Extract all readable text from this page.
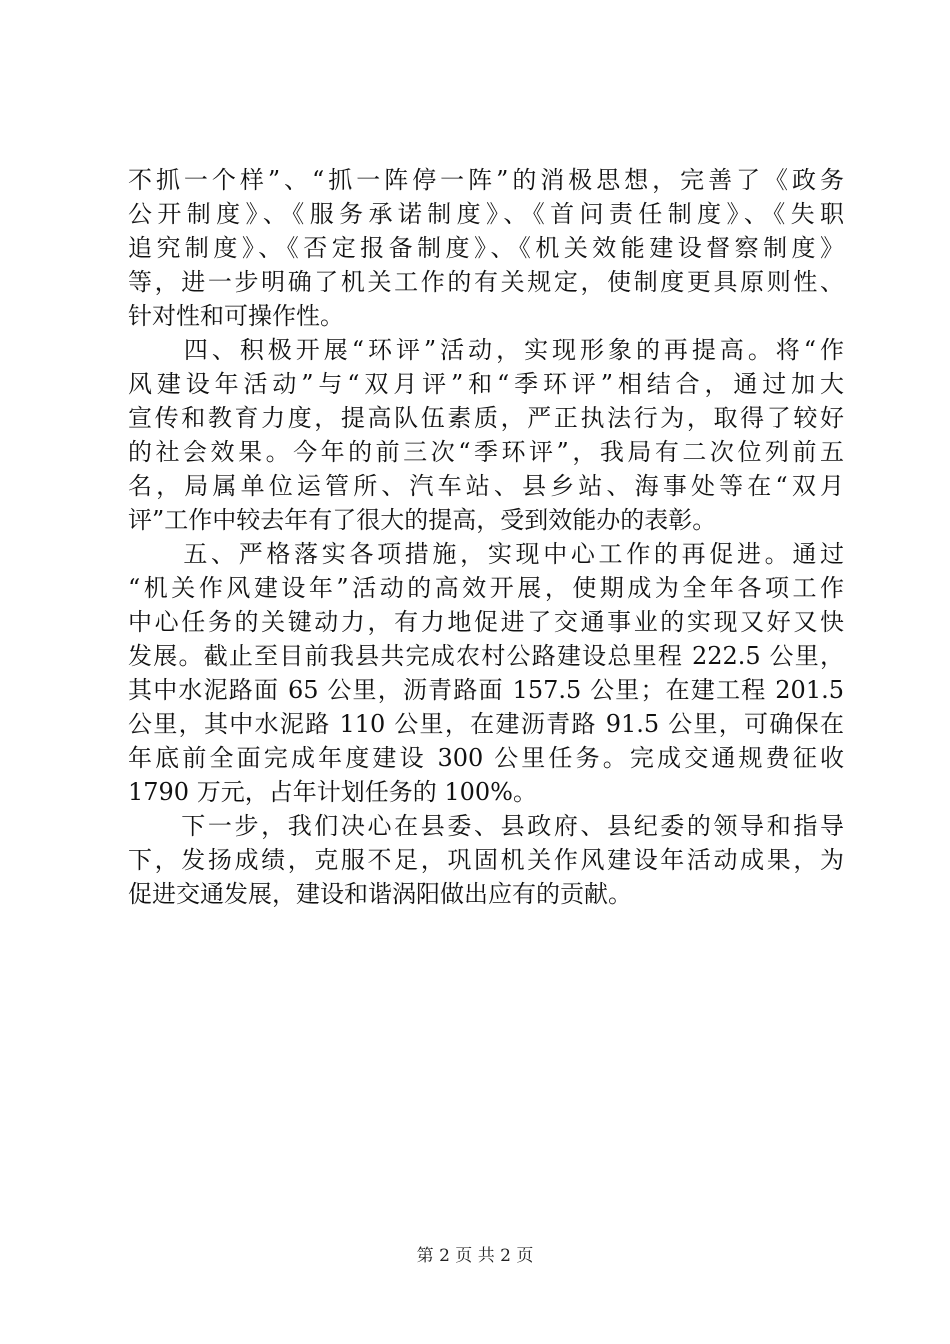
不抓一个样”、“抓一阵停一阵”的消极思想，完善了《政务
公开制度》、《服务承诺制度》、《首问责任制度》、《失职
追究制度》、《否定报备制度》、《机关效能建设督察制度》
等，进一步明确了机关工作的有关规定，使制度更具原则性、
针对性和可操作性。
　　四、积极开展“环评”活动，实现形象的再提高。将“作
风建设年活动”与“双月评”和“季环评”相结合，通过加大
宣传和教育力度，提高队伍素质，严正执法行为，取得了较好
的社会效果。今年的前三次“季环评”，我局有二次位列前五
名，局属单位运管所、汽车站、县乡站、海事处等在“双月
评”工作中较去年有了很大的提高，受到效能办的表彰。
　　五、严格落实各项措施，实现中心工作的再促进。通过
“机关作风建设年”活动的高效开展，使期成为全年各项工作
中心任务的关键动力，有力地促进了交通事业的实现又好又快
发展。截止至目前我县共完成农村公路建设总里程 222.5 公里，
其中水泥路面 65 公里，沥青路面 157.5 公里；在建工程 201.5
公里，其中水泥路 110 公里，在建沥青路 91.5 公里，可确保在
年底前全面完成年度建设 300 公里任务。完成交通规费征收
1790 万元，占年计划任务的 100%。
　　下一步，我们决心在县委、县政府、县纪委的领导和指导
下，发扬成绩，克服不足，巩固机关作风建设年活动成果，为
促进交通发展，建设和谐涡阳做出应有的贡献。
第 2 页 共 2 页
